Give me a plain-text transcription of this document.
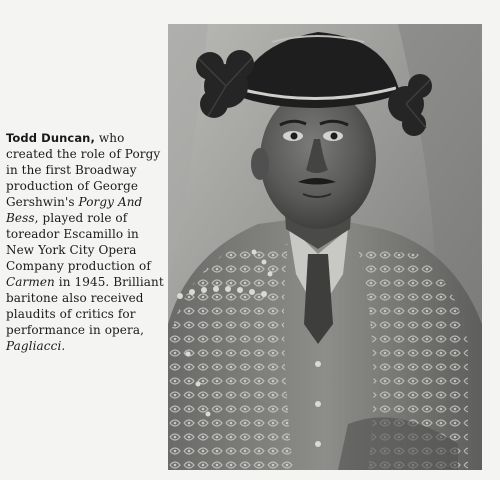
Todd Duncan, who created the role of Porgy in the first Broadway production of George Gershwin's Porgy And Bess, played role of toreador Escamillo in New York City Opera Company production of Carmen in 1945. Brilliant baritone also received plaudits of critics for performance in opera, Pagliacci.
